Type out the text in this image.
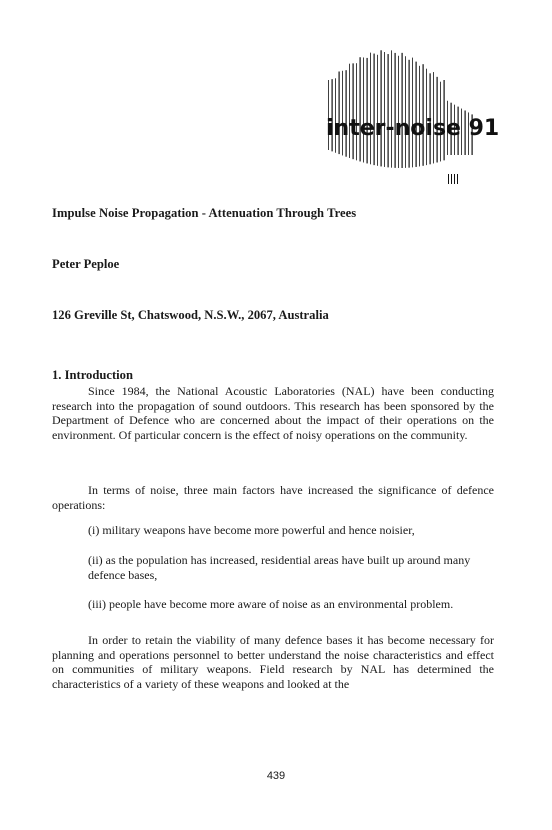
inter-noise 91
Impulse Noise Propagation - Attenuation Through Trees
Peter Peploe
126 Greville St, Chatswood, N.S.W., 2067, Australia
1. Introduction

Since 1984, the National Acoustic Laboratories (NAL) have been conducting research into the propagation of sound outdoors. This research has been sponsored by the Department of Defence who are concerned about the impact of their operations on the environment. Of particular concern is the effect of noisy operations on the community.

In terms of noise, three main factors have increased the significance of defence operations:

(i) military weapons have become more powerful and hence noisier,

(ii) as the population has increased, residential areas have built up around many defence bases,

(iii) people have become more aware of noise as an environmental problem.

In order to retain the viability of many defence bases it has become necessary for planning and operations personnel to better understand the noise characteristics and effect on communities of military weapons. Field research by NAL has determined the characteristics of a variety of these weapons and looked at the

439
